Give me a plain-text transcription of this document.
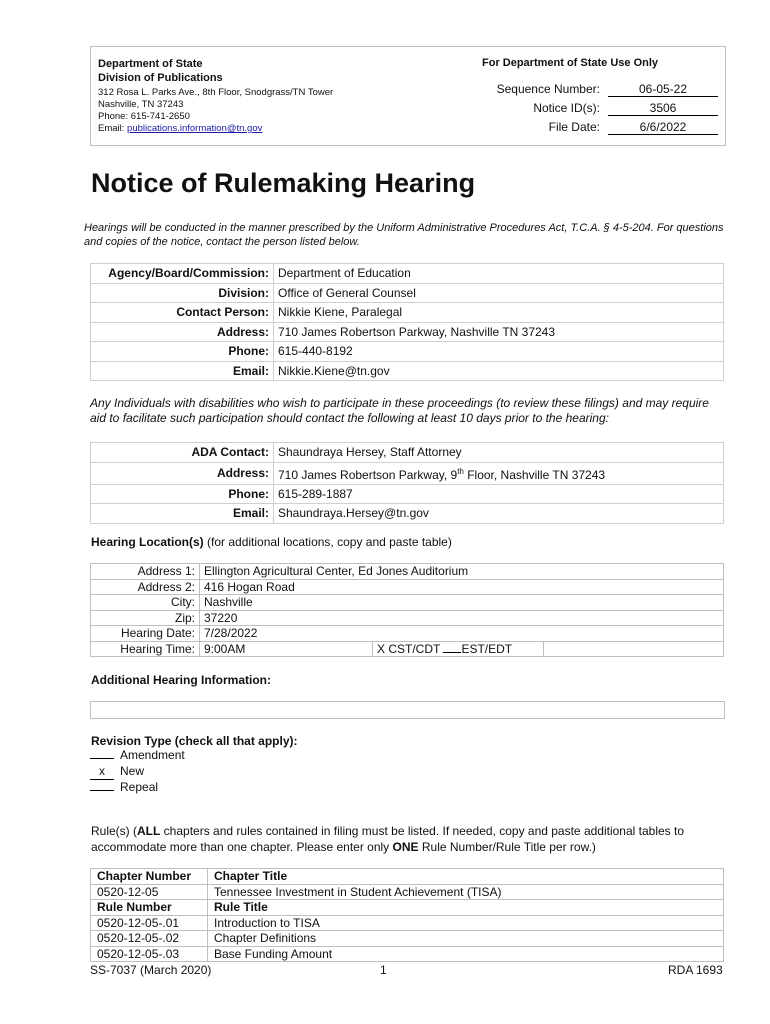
Department of State
Division of Publications
312 Rosa L. Parks Ave., 8th Floor, Snodgrass/TN Tower
Nashville, TN 37243
Phone: 615-741-2650
Email: publications.information@tn.gov
For Department of State Use Only
Sequence Number:	06-05-22
Notice ID(s):	3506
File Date:	6/6/2022
Notice of Rulemaking Hearing
Hearings will be conducted in the manner prescribed by the Uniform Administrative Procedures Act, T.C.A. § 4-5-204. For questions and copies of the notice, contact the person listed below.
Agency/Board/Commission:	Department of Education
Division:	Office of General Counsel
Contact Person:	Nikkie Kiene, Paralegal
Address:	710 James Robertson Parkway, Nashville TN 37243
Phone:	615-440-8192
Email:	Nikkie.Kiene@tn.gov
Any Individuals with disabilities who wish to participate in these proceedings (to review these filings) and may require aid to facilitate such participation should contact the following at least 10 days prior to the hearing:
ADA Contact:	Shaundraya Hersey, Staff Attorney
Address:	710 James Robertson Parkway, 9th Floor, Nashville TN 37243
Phone:	615-289-1887
Email:	Shaundraya.Hersey@tn.gov
Hearing Location(s) (for additional locations, copy and paste table)
Address 1:	Ellington Agricultural Center, Ed Jones Auditorium		
Address 2:	416 Hogan Road		
City:	Nashville		
Zip:	37220		
Hearing Date:	7/28/2022		
Hearing Time:	9:00AM	X CST/CDT EST/EDT	
Additional Hearing Information:
Revision Type (check all that apply):
Amendment
x New
Repeal
Rule(s) (ALL chapters and rules contained in filing must be listed. If needed, copy and paste additional tables to accommodate more than one chapter. Please enter only ONE Rule Number/Rule Title per row.)
Chapter Number	Chapter Title
0520-12-05	Tennessee Investment in Student Achievement (TISA)
Rule Number	Rule Title
0520-12-05-.01	Introduction to TISA
0520-12-05-.02	Chapter Definitions
0520-12-05-.03	Base Funding Amount
SS-7037 (March 2020)	1	RDA 1693
